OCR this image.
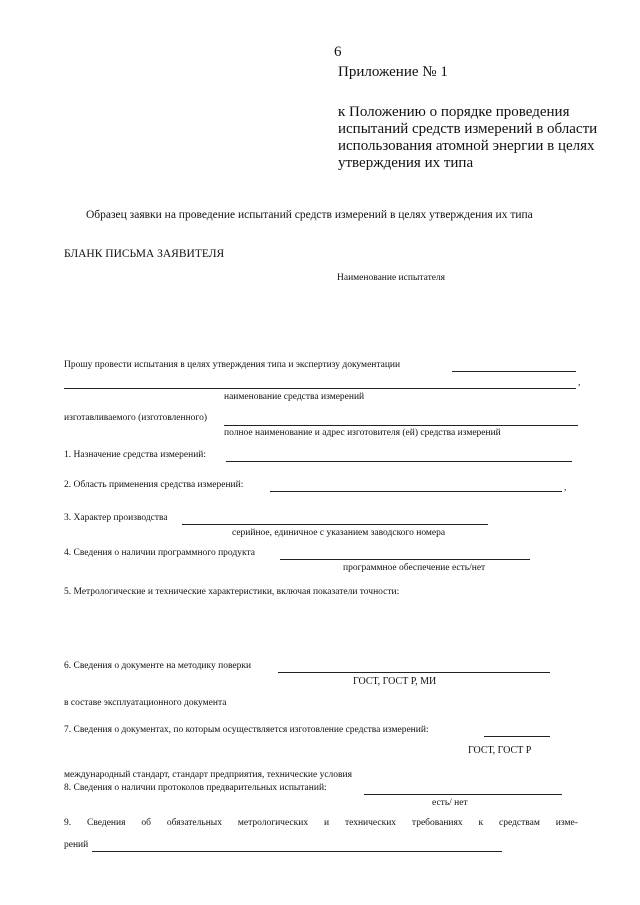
6
Приложение № 1
к Положению о порядке проведения
испытаний средств измерений в области
использования атомной энергии в целях
утверждения их типа
Образец заявки на проведение испытаний средств измерений в целях утверждения их типа
БЛАНК ПИСЬМА ЗАЯВИТЕЛЯ
Наименование испытателя
Прошу провести испытания в целях утверждения типа и экспертизу документации
,
наименование средства измерений
изготавливаемого (изготовленного)
полное наименование и адрес изготовителя (ей) средства измерений
1. Назначение средства измерений:
2. Область применения средства измерений:	,
3. Характер производства
серийное, единичное с указанием заводского номера
4. Сведения о наличии программного продукта
программное обеспечение есть/нет
5. Метрологические и технические характеристики, включая показатели точности:
6. Сведения о документе на методику поверки
ГОСТ, ГОСТ Р, МИ
в составе эксплуатационного документа
7. Сведения о документах, по которым осуществляется изготовление средства измерений:
ГОСТ, ГОСТ Р
международный стандарт, стандарт предприятия, технические условия
8. Сведения о наличии протоколов предварительных испытаний:
есть/ нет
9. Сведения об обязательных метрологических и технических требованиях к средствам изме-
рений
